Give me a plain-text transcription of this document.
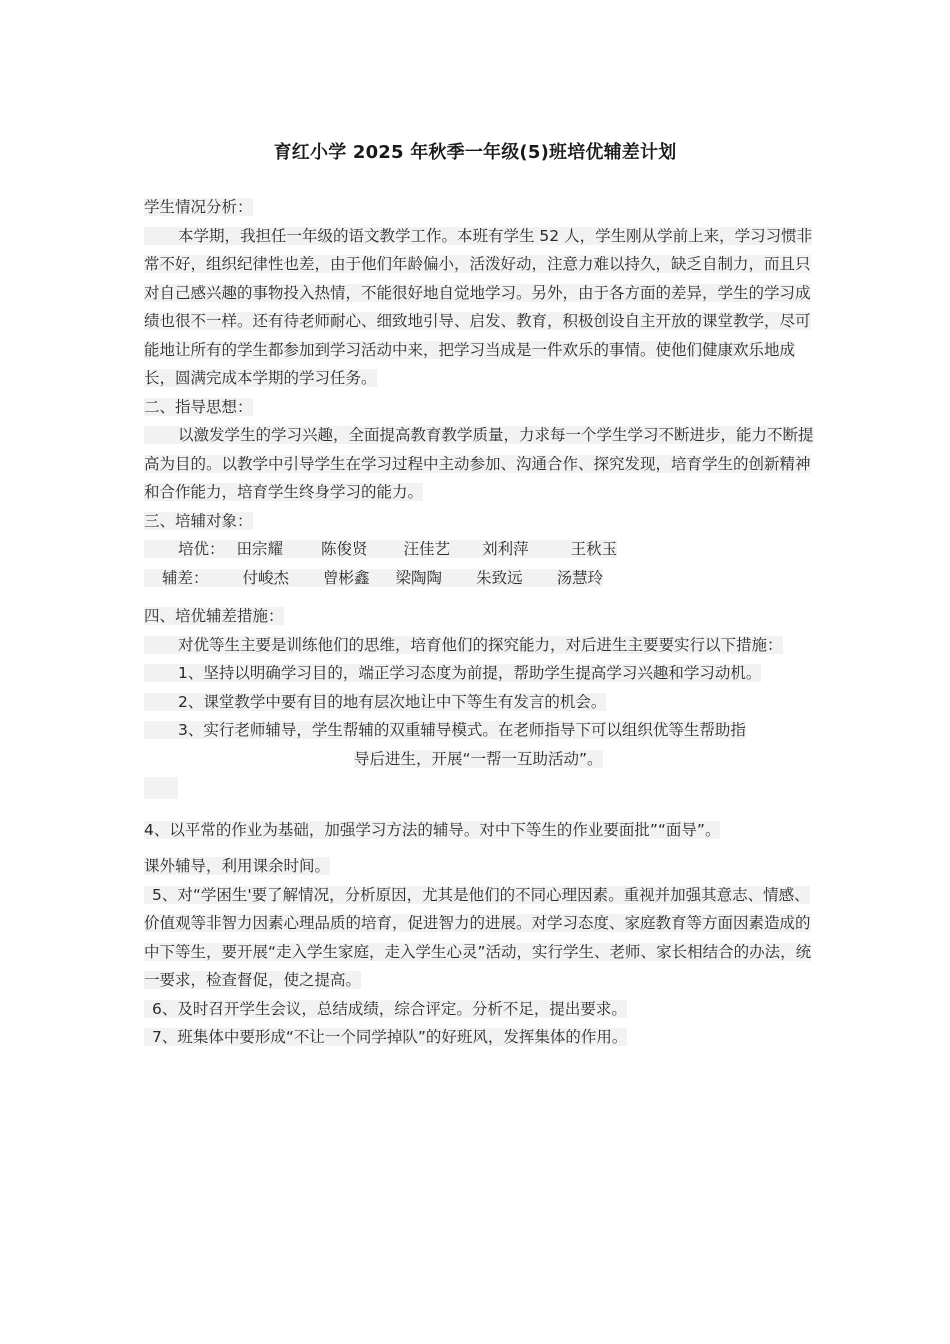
育红小学 2025 年秋季一年级(5)班培优辅差计划

学生情况分析：

本学期，我担任一年级的语文教学工作。本班有学生 52 人，学生刚从学前上来，学习习惯非常不好，组织纪律性也差，由于他们年龄偏小，活泼好动，注意力难以持久，缺乏自制力，而且只对自己感兴趣的事物投入热情，不能很好地自觉地学习。另外，由于各方面的差异，学生的学习成绩也很不一样。还有待老师耐心、细致地引导、启发、教育，积极创设自主开放的课堂教学，尽可能地让所有的学生都参加到学习活动中来，把学习当成是一件欢乐的事情。使他们健康欢乐地成长，圆满完成本学期的学习任务。

二、指导思想：

以激发学生的学习兴趣，全面提高教育教学质量，力求每一个学生学习不断进步，能力不断提高为目的。以教学中引导学生在学习过程中主动参加、沟通合作、探究发现，培育学生的创新精神和合作能力，培育学生终身学习的能力。

三、培辅对象：

培优： 田宗耀 陈俊贤 汪佳艺 刘利萍	王秋玉

辅差： 付峻杰 曾彬鑫 梁陶陶 朱致远 汤慧玲

四、培优辅差措施：

对优等生主要是训练他们的思维，培育他们的探究能力，对后进生主要要实行以下措施：

1、坚持以明确学习目的，端正学习态度为前提，帮助学生提高学习兴趣和学习动机。

2、课堂教学中要有目的地有层次地让中下等生有发言的机会。

3、实行老师辅导，学生帮辅的双重辅导模式。在老师指导下可以组织优等生帮助指导后进生，开展“一帮一互助活动”。

4、以平常的作业为基础，加强学习方法的辅导。对中下等生的作业要面批”“面导”。

课外辅导，利用课余时间。

5、对“学困生'要了解情况，分析原因，尤其是他们的不同心理因素。重视并加强其意志、情感、价值观等非智力因素心理品质的培育，促进智力的进展。对学习态度、家庭教育等方面因素造成的中下等生，要开展“走入学生家庭，走入学生心灵”活动，实行学生、老师、家长相结合的办法，统一要求，检查督促，使之提高。

6、及时召开学生会议，总结成绩，综合评定。分析不足，提出要求。

7、班集体中要形成“不让一个同学掉队”的好班风，发挥集体的作用。
